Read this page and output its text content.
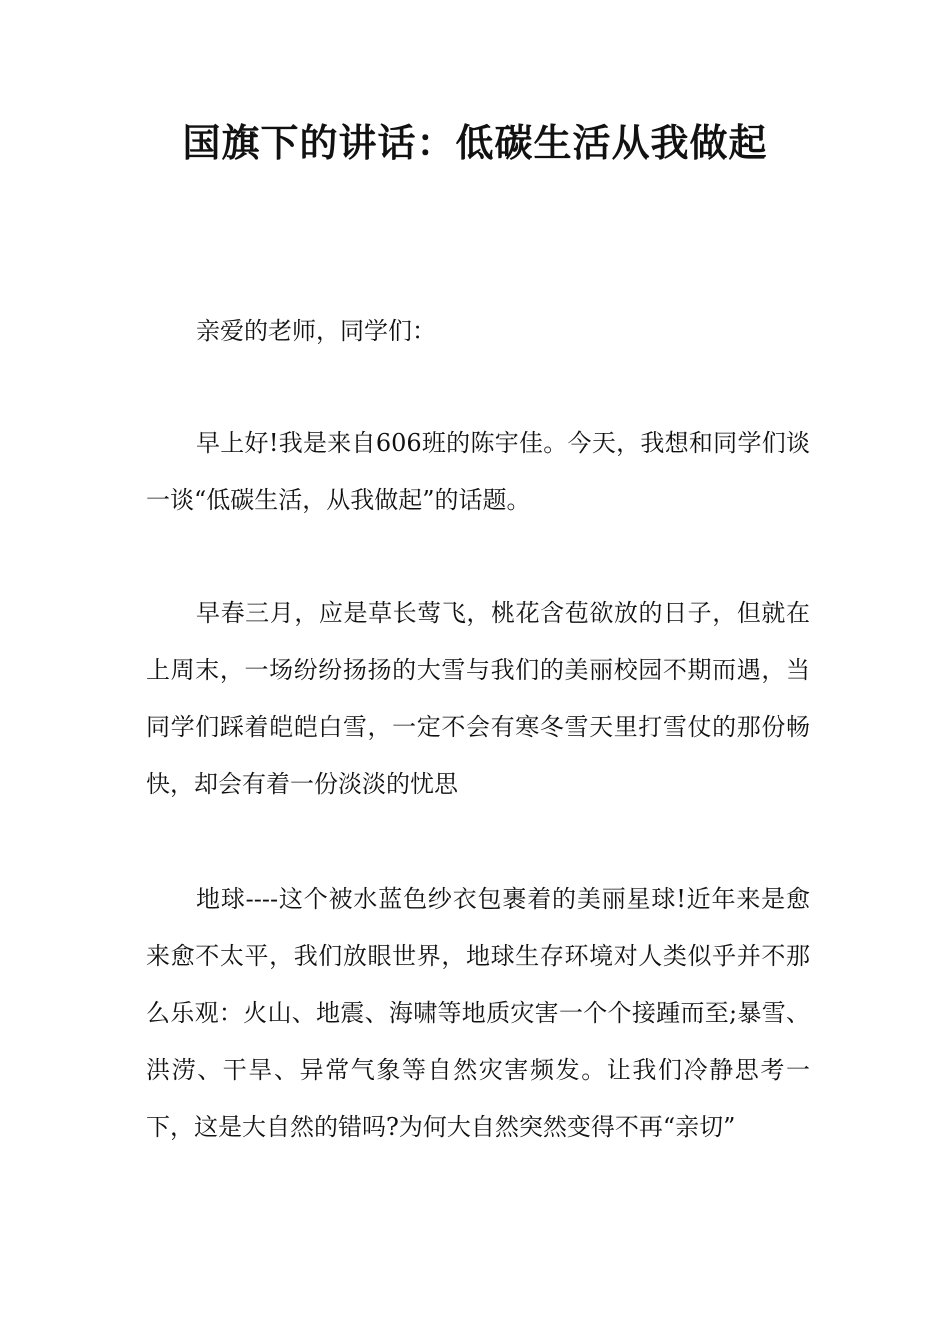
国旗下的讲话：低碳生活从我做起

亲爱的老师，同学们：

早上好!我是来自606班的陈宇佳。今天，我想和同学们谈一谈“低碳生活，从我做起”的话题。

早春三月，应是草长莺飞，桃花含苞欲放的日子，但就在上周末，一场纷纷扬扬的大雪与我们的美丽校园不期而遇，当同学们踩着皑皑白雪，一定不会有寒冬雪天里打雪仗的那份畅快，却会有着一份淡淡的忧思

地球----这个被水蓝色纱衣包裹着的美丽星球!近年来是愈来愈不太平，我们放眼世界，地球生存环境对人类似乎并不那么乐观：火山、地震、海啸等地质灾害一个个接踵而至;暴雪、洪涝、干旱、异常气象等自然灾害频发。让我们冷静思考一下，这是大自然的错吗?为何大自然突然变得不再“亲切”
